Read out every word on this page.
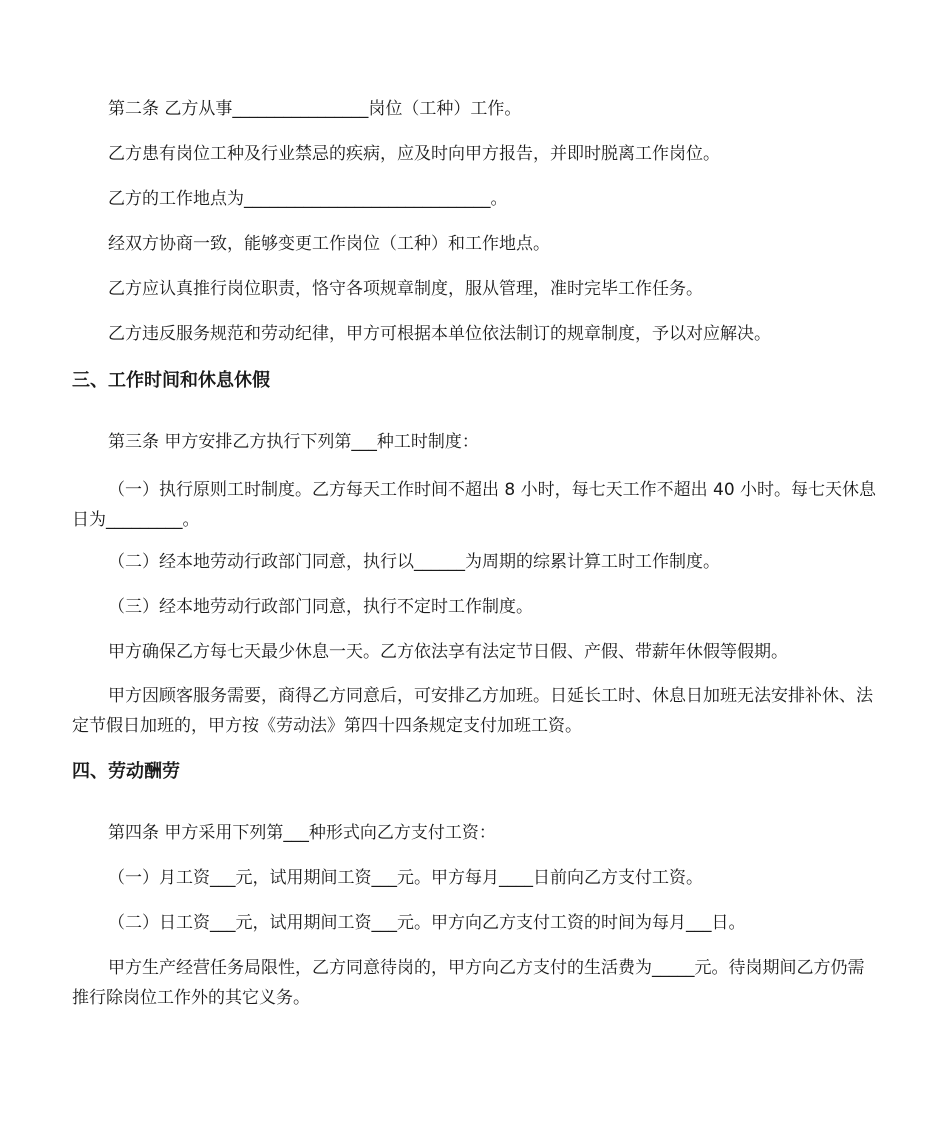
第二条 乙方从事________________岗位（工种）工作。

乙方患有岗位工种及行业禁忌的疾病，应及时向甲方报告，并即时脱离工作岗位。

乙方的工作地点为_____________________________。

经双方协商一致，能够变更工作岗位（工种）和工作地点。

乙方应认真推行岗位职责，恪守各项规章制度，服从管理，准时完毕工作任务。

乙方违反服务规范和劳动纪律，甲方可根据本单位依法制订的规章制度，予以对应解决。

三、工作时间和休息休假

第三条 甲方安排乙方执行下列第___种工时制度：

（一）执行原则工时制度。乙方每天工作时间不超出 8 小时，每七天工作不超出 40 小时。每七天休息日为_________。

（二）经本地劳动行政部门同意，执行以______为周期的综累计算工时工作制度。

（三）经本地劳动行政部门同意，执行不定时工作制度。

甲方确保乙方每七天最少休息一天。乙方依法享有法定节日假、产假、带薪年休假等假期。

甲方因顾客服务需要，商得乙方同意后，可安排乙方加班。日延长工时、休息日加班无法安排补休、法定节假日加班的，甲方按《劳动法》第四十四条规定支付加班工资。

四、劳动酬劳

第四条 甲方采用下列第___种形式向乙方支付工资：

（一）月工资___元，试用期间工资___元。甲方每月____日前向乙方支付工资。

（二）日工资___元，试用期间工资___元。甲方向乙方支付工资的时间为每月___日。

甲方生产经营任务局限性，乙方同意待岗的，甲方向乙方支付的生活费为_____元。待岗期间乙方仍需推行除岗位工作外的其它义务。
